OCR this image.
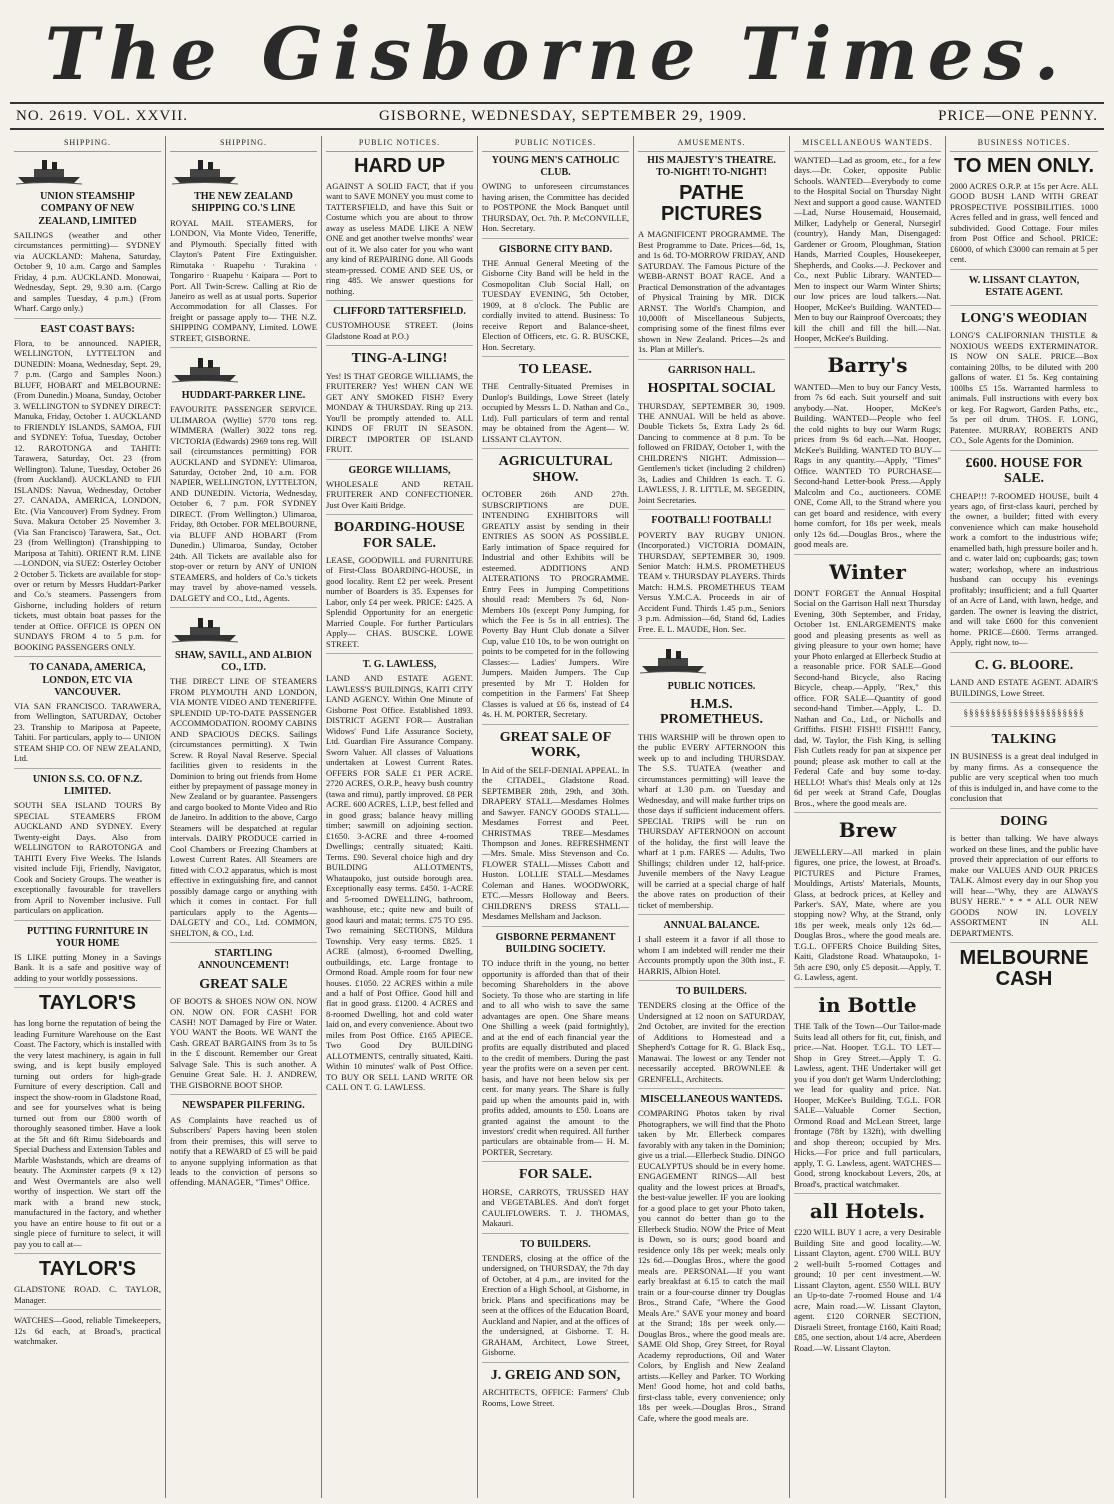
The Gisborne Times.
NO. 2619. VOL. XXVII.	GISBORNE, WEDNESDAY, SEPTEMBER 29, 1909.	PRICE—ONE PENNY.
SHIPPING.
UNION STEAMSHIP COMPANY OF NEW ZEALAND, LIMITED
SAILINGS (weather and other circumstances permitting)— SYDNEY via AUCKLAND: Mahena, Saturday, October 9, 10 a.m. Cargo and Samples Friday, 4 p.m. AUCKLAND. Monowai, Wednesday, Sept. 29, 9.30 a.m. (Cargo and samples Tuesday, 4 p.m.) (From Wharf. Cargo only.)
EAST COAST BAYS:
Flora, to be announced. NAPIER, WELLINGTON, LYTTELTON and DUNEDIN: Moana, Wednesday, Sept. 29, 7 p.m. (Cargo and Samples Noon.) BLUFF, HOBART and MELBOURNE: (From Dunedin.) Moana, Sunday, October 3. WELLINGTON to SYDNEY DIRECT: Manuka, Friday, October 1. AUCKLAND to FRIENDLY ISLANDS, SAMOA, FIJI and SYDNEY: Tofua, Tuesday, October 12. RAROTONGA and TAHITI: Tarawera, Saturday, Oct. 23 (from Wellington). Talune, Tuesday, October 26 (from Auckland). AUCKLAND to FIJI ISLANDS: Navua, Wednesday, October 27. CANADA, AMERICA, LONDON, Etc. (Via Vancouver) From Sydney. From Suva. Makura October 25 November 3. (Via San Francisco) Tarawera, Sat., Oct. 23 (from Wellington) (Transhipping to Mariposa at Tahiti). ORIENT R.M. LINE—LONDON, via SUEZ: Osterley October 2 October 5. Tickets are available for stop-over or return by Messrs Huddart-Parker and Co.'s steamers. Passengers from Gisborne, including holders of return tickets, must obtain boat passes for the tender at Office. OFFICE IS OPEN ON SUNDAYS FROM 4 to 5 p.m. for BOOKING PASSENGERS ONLY.
TO CANADA, AMERICA, LONDON, ETC VIA VANCOUVER.
VIA SAN FRANCISCO. TARAWERA, from Wellington, SATURDAY, October 23. Tranship to Mariposa at Papeete, Tahiti. For particulars, apply to— UNION STEAM SHIP CO. OF NEW ZEALAND, Ltd.
UNION S.S. CO. OF N.Z. LIMITED.
SOUTH SEA ISLAND TOURS By SPECIAL STEAMERS FROM AUCKLAND AND SYDNEY. Every Twenty-eight Days. Also from WELLINGTON to RAROTONGA and TAHITI Every Five Weeks. The Islands visited include Fiji, Friendly, Navigator, Cook and Society Groups. The weather is exceptionally favourable for travellers from April to November inclusive. Full particulars on application.
PUTTING FURNITURE IN YOUR HOME
IS LIKE putting Money in a Savings Bank. It is a safe and positive way of adding to your worldly possessions.
TAYLOR'S
has long borne the reputation of being the leading Furniture Warehouse on the East Coast. The Factory, which is installed with the very latest machinery, is again in full swing, and is kept busily employed turning out orders for high-grade Furniture of every description. Call and inspect the show-room in Gladstone Road, and see for yourselves what is being turned out from our £800 worth of thoroughly seasoned timber. Have a look at the 5ft and 6ft Rimu Sideboards and Special Duchess and Extension Tables and Marble Washstands, which are dreams of beauty. The Axminster carpets (9 x 12) and West Overmantels are also well worthy of inspection. We start off the mark with a brand new stock, manufactured in the factory, and whether you have an entire house to fit out or a single piece of furniture to select, it will pay you to call at—
TAYLOR'S
GLADSTONE ROAD. C. TAYLOR, Manager.
WATCHES—Good, reliable Timekeepers, 12s 6d each, at Broad's, practical watchmaker.
SHIPPING.
THE NEW ZEALAND SHIPPING CO.'S LINE
ROYAL MAIL STEAMERS, for LONDON, Via Monte Video, Teneriffe, and Plymouth. Specially fitted with Clayton's Patent Fire Extinguisher. Rimutaka · Ruapehu · Turakina · Tongariro · Ruapehu · Kaipara — Port to Port. All Twin-Screw. Calling at Rio de Janeiro as well as at usual ports. Superior Accommodation for all Classes. For freight or passage apply to— THE N.Z. SHIPPING COMPANY, Limited. LOWE STREET, GISBORNE.
HUDDART-PARKER LINE.
FAVOURITE PASSENGER SERVICE. ULIMAROA (Wyllie) 5770 tons reg. WIMMERA (Waller) 3022 tons reg. VICTORIA (Edwards) 2969 tons reg. Will sail (circumstances permitting) FOR AUCKLAND and SYDNEY: Ulimaroa, Saturday, October 2nd, 10 a.m. FOR NAPIER, WELLINGTON, LYTTELTON, AND DUNEDIN. Victoria, Wednesday, October 6, 7 p.m. FOR SYDNEY DIRECT. (From Wellington.) Ulimaroa, Friday, 8th October. FOR MELBOURNE, via BLUFF AND HOBART (From Dunedin.) Ulimaroa, Sunday, October 24th. All Tickets are available also for stop-over or return by ANY of UNION STEAMERS, and holders of Co.'s tickets may travel by above-named vessels. DALGETY and CO., Ltd., Agents.
SHAW, SAVILL, AND ALBION CO., LTD.
THE DIRECT LINE OF STEAMERS FROM PLYMOUTH AND LONDON, VIA MONTE VIDEO AND TENERIFFE. SPLENDID UP-TO-DATE PASSENGER ACCOMMODATION. ROOMY CABINS AND SPACIOUS DECKS. Sailings (circumstances permitting). X Twin Screw. R Royal Naval Reserve. Special facilities given to residents in the Dominion to bring out friends from Home either by prepayment of passage money in New Zealand or by guarantee. Passengers and cargo booked to Monte Video and Rio de Janeiro. In addition to the above, Cargo Steamers will be despatched at regular intervals. DAIRY PRODUCE carried in Cool Chambers or Freezing Chambers at Lowest Current Rates. All Steamers are fitted with C.O.2 apparatus, which is most effective in extinguishing fire, and cannot possibly damage cargo or anything with which it comes in contact. For full particulars apply to the Agents— DALGETY and CO., Ltd. COMMON, SHELTON, & CO., Ltd.
STARTLING ANNOUNCEMENT!
GREAT SALE
OF BOOTS & SHOES NOW ON. NOW ON. NOW ON. FOR CASH! FOR CASH! NOT Damaged by Fire or Water. YOU WANT the Boots. WE WANT the Cash. GREAT BARGAINS from 3s to 5s in the £ discount. Remember our Great Salvage Sale. This is such another. A Genuine Great Sale. H. J. ANDREW, THE GISBORNE BOOT SHOP.
NEWSPAPER PILFERING.
AS Complaints have reached us of Subscribers' Papers having been stolen from their premises, this will serve to notify that a REWARD of £5 will be paid to anyone supplying information as that leads to the conviction of persons so offending. MANAGER, "Times" Office.
PUBLIC NOTICES.
HARD UP
AGAINST A SOLID FACT, that if you want to SAVE MONEY you must come to TATTERSFIELD, and have this Suit or Costume which you are about to throw away as useless MADE LIKE A NEW ONE and get another twelve months' wear out of it. We also cater for you who want any kind of REPAIRING done. All Goods steam-pressed. COME AND SEE US, or ring 485. We answer questions for nothing.
CLIFFORD TATTERSFIELD.
CUSTOMHOUSE STREET. (Joins Gladstone Road at P.O.)
TING-A-LING!
Yes! IS THAT GEORGE WILLIAMS, the FRUITERER? Yes! WHEN CAN WE GET ANY SMOKED FISH? Every MONDAY & THURSDAY. Ring up 213. You'll be promptly attended to. ALL KINDS OF FRUIT IN SEASON. DIRECT IMPORTER OF ISLAND FRUIT.
GEORGE WILLIAMS,
WHOLESALE AND RETAIL FRUITERER AND CONFECTIONER. Just Over Kaiti Bridge.
BOARDING-HOUSE FOR SALE.
LEASE, GOODWILL and FURNITURE of First-Class BOARDING-HOUSE, in good locality. Rent £2 per week. Present number of Boarders is 35. Expenses for Labor, only £4 per week. PRICE: £425. A Splendid Opportunity for an energetic Married Couple. For further Particulars Apply— CHAS. BUSCKE. LOWE STREET.
T. G. LAWLESS,
LAND AND ESTATE AGENT. LAWLESS'S BUILDINGS, KAITI CITY LAND AGENCY. Within One Minute of Gisborne Post Office. Established 1893. DISTRICT AGENT FOR— Australian Widows' Fund Life Assurance Society, Ltd. Guardian Fire Assurance Company. Sworn Valuer. All classes of Valuations undertaken at Lowest Current Rates. OFFERS FOR SALE £1 PER ACRE. 2720 ACRES, O.R.P., heavy bush country (tawa and rimu), partly improved. £8 PER ACRE. 600 ACRES, L.I.P., best felled and in good grass; balance heavy milling timber; sawmill on adjoining section. £1650. 3-ACRE and three 4-roomed Dwellings; centrally situated; Kaiti. Terms. £90. Several choice high and dry BUILDING ALLOTMENTS, Whataupoko, just outside borough area. Exceptionally easy terms. £450. 1-ACRE and 5-roomed DWELLING, bathroom, washhouse, etc.; quite new and built of good kauri and matai; terms. £75 TO £95. Two remaining SECTIONS, Mildura Township. Very easy terms. £825. 1 ACRE (almost), 6-roomed Dwelling, outbuildings, etc. Large frontage to Ormond Road. Ample room for four new houses. £1050. 22 ACRES within a mile and a half of Post Office. Good hill and flat in good grass. £1200. 4 ACRES and 8-roomed Dwelling, hot and cold water laid on, and every convenience. About two miles from Post Office. £165 APIECE. Two Good Dry BUILDING ALLOTMENTS, centrally situated, Kaiti. Within 10 minutes' walk of Post Office. TO BUY OR SELL LAND WRITE OR CALL ON T. G. LAWLESS.
PUBLIC NOTICES.
YOUNG MEN'S CATHOLIC CLUB.
OWING to unforeseen circumstances having arisen, the Committee has decided to POSTPONE the Mock Banquet until THURSDAY, Oct. 7th. P. McCONVILLE, Hon. Secretary.
GISBORNE CITY BAND.
THE Annual General Meeting of the Gisborne City Band will be held in the Cosmopolitan Club Social Hall, on TUESDAY EVENING, 5th October, 1909, at 8 o'clock. The Public are cordially invited to attend. Business: To receive Report and Balance-sheet, Election of Officers, etc. G. R. BUSCKE, Hon. Secretary.
TO LEASE.
THE Centrally-Situated Premises in Dunlop's Buildings, Lowe Street (lately occupied by Messrs L. D. Nathan and Co., Ltd). Full particulars of term and rental may be obtained from the Agent— W. LISSANT CLAYTON.
AGRICULTURAL SHOW.
OCTOBER 26th AND 27th. SUBSCRIPTIONS are DUE. INTENDING EXHIBITORS will GREATLY assist by sending in their ENTRIES AS SOON AS POSSIBLE. Early intimation of Space required for Industrial and other Exhibits will be esteemed. ADDITIONS AND ALTERATIONS TO PROGRAMME. Entry Fees in Jumping Competitions should read: Members 7s 6d, Non-Members 10s (except Pony Jumping, for which the Fee is 5s in all entries). The Poverty Bay Hunt Club donate a Silver Cup, value £10 10s, to be won outright on points to be competed for in the following Classes:— Ladies' Jumpers. Wire Jumpers. Maiden Jumpers. The Cup presented by Mr T. Holden for competition in the Farmers' Fat Sheep Classes is valued at £6 6s, instead of £4 4s. H. M. PORTER, Secretary.
GREAT SALE OF WORK,
In Aid of the SELF-DENIAL APPEAL. In the CITADEL, Gladstone Road. SEPTEMBER 28th, 29th, and 30th. DRAPERY STALL—Mesdames Holmes and Sawyer. FANCY GOODS STALL—Mesdames Forrest and Peet. CHRISTMAS TREE—Mesdames Thompson and Jones. REFRESHMENT—Mrs. Smale. Miss Stevenson and Co. FLOWER STALL—Misses Cabott and Huston. LOLLIE STALL—Mesdames Coleman and Hanes. WOODWORK, ETC.—Messrs Holloway and Beers. CHILDREN'S DRESS STALL—Mesdames Mellsham and Jackson.
GISBORNE PERMANENT BUILDING SOCIETY.
TO induce thrift in the young, no better opportunity is afforded than that of their becoming Shareholders in the above Society. To those who are starting in life and to all who wish to save the same advantages are open. One Share means One Shilling a week (paid fortnightly), and at the end of each financial year the profits are equally distributed and placed to the credit of members. During the past year the profits were on a seven per cent. basis, and have not been below six per cent. for many years. The Share is fully paid up when the amounts paid in, with profits added, amounts to £50. Loans are granted against the amount to the investors' credit when required. All further particulars are obtainable from— H. M. PORTER, Secretary.
FOR SALE.
HORSE, CARROTS, TRUSSED HAY and VEGETABLES. And don't forget CAULIFLOWERS. T. J. THOMAS, Makauri.
TO BUILDERS.
TENDERS, closing at the office of the undersigned, on THURSDAY, the 7th day of October, at 4 p.m., are invited for the Erection of a High School, at Gisborne, in brick. Plans and specifications may be seen at the offices of the Education Board, Auckland and Napier, and at the offices of the undersigned, at Gisborne. T. H. GRAHAM, Architect, Lowe Street, Gisborne.
J. GREIG AND SON,
ARCHITECTS, OFFICE: Farmers' Club Rooms, Lowe Street.
AMUSEMENTS.
HIS MAJESTY'S THEATRE. TO-NIGHT! TO-NIGHT!
PATHE PICTURES
A MAGNIFICENT PROGRAMME. The Best Programme to Date. Prices—6d, 1s, and 1s 6d. TO-MORROW FRIDAY, AND SATURDAY. The Famous Picture of the WEBB-ARNST BOAT RACE. And a Practical Demonstration of the advantages of Physical Training by MR. DICK ARNST. The World's Champion, and 10,000ft of Miscellaneous Subjects, comprising some of the finest films ever shown in New Zealand. Prices—2s and 1s. Plan at Miller's.
GARRISON HALL.
HOSPITAL SOCIAL
THURSDAY, SEPTEMBER 30, 1909. THE ANNUAL Will be held as above. Double Tickets 5s, Extra Lady 2s 6d. Dancing to commence at 8 p.m. To be followed on FRIDAY, October 1, with the CHILDREN'S NIGHT. Admission—Gentlemen's ticket (including 2 children) 3s, Ladies and Children 1s each. T. G. LAWLESS, J. R. LITTLE, M. SEGEDIN, Joint Secretaries.
FOOTBALL! FOOTBALL!
POVERTY BAY RUGBY UNION. (Incorporated.) VICTORIA DOMAIN, THURSDAY, SEPTEMBER 30, 1909. Senior Match: H.M.S. PROMETHEUS TEAM v. THURSDAY PLAYERS. Thirds Match: H.M.S. PROMETHEUS TEAM Versus Y.M.C.A. Proceeds in air of Accident Fund. Thirds 1.45 p.m., Seniors 3 p.m. Admission—6d, Stand 6d, Ladies Free. E. L. MAUDE, Hon. Sec.
PUBLIC NOTICES.
H.M.S. PROMETHEUS.
THIS WARSHIP will be thrown open to the public EVERY AFTERNOON this week up to and including THURSDAY. The S.S. TUATEA (weather and circumstances permitting) will leave the wharf at 1.30 p.m. on Tuesday and Wednesday, and will make further trips on those days if sufficient inducement offers. SPECIAL TRIPS will be run on THURSDAY AFTERNOON on account of the holiday, the first will leave the wharf at 1 p.m. FARES — Adults, Two Shillings; children under 12, half-price. Juvenile members of the Navy League will be carried at a special charge of half the above rates on production of their ticket of membership.
ANNUAL BALANCE.
I shall esteem it a favor if all those to whom I am indebted will render me their Accounts promptly upon the 30th inst., F. HARRIS, Albion Hotel.
TO BUILDERS.
TENDERS closing at the Office of the Undersigned at 12 noon on SATURDAY, 2nd October, are invited for the erection of Additions to Homestead and a Shepherd's Cottage for R. G. Black Esq., Manawai. The lowest or any Tender not necessarily accepted. BROWNLEE & GRENFELL, Architects.
MISCELLANEOUS WANTEDS.
COMPARING Photos taken by rival Photographers, we will find that the Photo taken by Mr. Ellerbeck compares favorably with any taken in the Dominion; give us a trial.—Ellerbeck Studio. DINGO EUCALYPTUS should be in every home. ENGAGEMENT RINGS—All best quality and the lowest prices at Broad's, the best-value jeweller. IF you are looking for a good place to get your Photo taken, you cannot do better than go to the Ellerbeck Studio. NOW the Price of Meat is Down, so is ours; good board and residence only 18s per week; meals only 12s 6d.—Douglas Bros., where the good meals are. PERSONAL—If you want early breakfast at 6.15 to catch the mail train or a four-course dinner try Douglas Bros., Strand Cafe, "Where the Good Meals Are." SAVE your money and board at the Strand; 18s per week only.—Douglas Bros., where the good meals are. SAME Old Shop, Grey Street, for Royal Academy reproductions, Oil and Water Colors, by English and New Zealand artists.—Kelley and Parker. TO Working Men! Good home, hot and cold baths, first-class table, every convenience; only 18s per week.—Douglas Bros., Strand Cafe, where the good meals are.
MISCELLANEOUS WANTEDS.
WANTED—Lad as groom, etc., for a few days.—Dr. Coker, opposite Public Schools. WANTED—Everybody to come to the Hospital Social on Thursday Night Next and support a good cause. WANTED—Lad, Nurse Housemaid, Housemaid, Milker, Ladyhelp or General, Nursegirl (country), Handy Man, Disengaged: Gardener or Groom, Ploughman, Station Hands, Married Couples, Housekeeper, Shepherds, and Cooks.—J. Peckover and Co., next Public Library. WANTED—Men to inspect our Warm Winter Shirts; our low prices are loud talkers.—Nat. Hooper, McKee's Building. WANTED—Men to buy our Rainproof Overcoats; they kill the chill and fill the bill.—Nat. Hooper, McKee's Building.
Barry's
WANTED—Men to buy our Fancy Vests, from 7s 6d each. Suit yourself and suit anybody.—Nat. Hooper, McKee's Building. WANTED—People who feel the cold nights to buy our Warm Rugs; prices from 9s 6d each.—Nat. Hooper, McKee's Building. WANTED TO BUY—Rags in any quantity.—Apply, "Times" Office. WANTED TO PURCHASE—Second-hand Letter-book Press.—Apply Malcolm and Co., auctioneers. COME ONE, Come All, to the Strand where you can get board and residence, with every home comfort, for 18s per week, meals only 12s 6d.—Douglas Bros., where the good meals are.
Winter
DON'T FORGET the Annual Hospital Social on the Garrison Hall next Thursday Evening, 30th September, and Friday, October 1st. ENLARGEMENTS make good and pleasing presents as well as giving pleasure to your own home; have your Photo enlarged at Ellerbeck Studio at a reasonable price. FOR SALE—Good Second-hand Bicycle, also Racing Bicycle, cheap.—Apply, "Rex," this office. FOR SALE—Quantity of good second-hand Timber.—Apply, L. D. Nathan and Co., Ltd., or Nicholls and Griffiths. FISH! FISH!! FISH!!! Fancy, dad, W. Taylor, the Fish King, is selling Fish Cutlets ready for pan at sixpence per pound; please ask mother to call at the Federal Cafe and buy some to-day. HELLO! What's this! Meals only at 12s 6d per week at Strand Cafe, Douglas Bros., where the good meals are.
Brew
JEWELLERY—All marked in plain figures, one price, the lowest, at Broad's. PICTURES and Picture Frames, Mouldings, Artists' Materials, Mounts, Glass, at bedrock prices, at Kelley and Parker's. SAY, Mate, where are you stopping now? Why, at the Strand, only 18s per week, meals only 12s 6d.—Douglas Bros., where the good meals are. T.G.L. OFFERS Choice Building Sites, Kaiti, Gladstone Road. Whataupoko, 1-5th acre £90, only £5 deposit.—Apply, T. G. Lawless, agent.
in Bottle
THE Talk of the Town—Our Tailor-made Suits lead all others for fit, cut, finish, and price.—Nat. Hooper. T.G.L. TO LET—Shop in Grey Street.—Apply T. G. Lawless, agent. THE Undertaker will get you if you don't get Warm Underclothing; we lead for quality and price. Nat. Hooper, McKee's Building. T.G.L. FOR SALE—Valuable Corner Section, Ormond Road and McLean Street, large frontage (78ft by 132ft), with dwelling and shop thereon; occupied by Mrs. Hicks.—For price and full particulars, apply, T. G. Lawless, agent. WATCHES—Good, strong knockabout Levers, 20s, at Broad's, practical watchmaker.
all Hotels.
£220 WILL BUY 1 acre, a very Desirable Building Site and good locality.—W. Lissant Clayton, agent. £700 WILL BUY 2 well-built 5-roomed Cottages and ground; 10 per cent investment.—W. Lissant Clayton, agent. £550 WILL BUY an Up-to-date 7-roomed House and 1/4 acre, Main road.—W. Lissant Clayton, agent. £120 CORNER SECTION, Disraeli Street, frontage £160, Kaiti Road; £85, one section, about 1/4 acre, Aberdeen Road.—W. Lissant Clayton.
BUSINESS NOTICES.
TO MEN ONLY.
2000 ACRES O.R.P. at 15s per Acre. ALL GOOD BUSH LAND WITH GREAT PROSPECTIVE POSSIBILITIES. 1000 Acres felled and in grass, well fenced and subdivided. Good Cottage. Four miles from Post Office and School. PRICE: £6000, of which £3000 can remain at 5 per cent.
W. LISSANT CLAYTON, ESTATE AGENT.
LONG'S WEODIAN
LONG'S CALIFORNIAN THISTLE & NOXIOUS WEEDS EXTERMINATOR. IS NOW ON SALE. PRICE—Box containing 20lbs, to be diluted with 200 gallons of water. £1 5s. Keg containing 100lbs £5 15s. Warranted harmless to animals. Full instructions with every box or keg. For Ragwort, Garden Paths, etc., 5s per oil drum. THOS. F. LONG, Patentee. MURRAY, ROBERTS AND CO., Sole Agents for the Dominion.
£600. HOUSE FOR SALE.
CHEAP!!! 7-ROOMED HOUSE, built 4 years ago, of first-class kauri, perched by the owner, a builder; fitted with every convenience which can make household work a comfort to the industrious wife; enamelled bath, high pressure boiler and h. and c. water laid on; cupboards; gas; town water; workshop, where an industrious husband can occupy his evenings profitably; insufficient; and a full Quarter of an Acre of Land, with lawn, hedge, and garden. The owner is leaving the district, and will take £600 for this convenient home. PRICE—£600. Terms arranged. Apply, right now, to—
C. G. BLOORE.
LAND AND ESTATE AGENT. ADAIR'S BUILDINGS, Lowe Street.
§§§§§§§§§§§§§§§§§§§§§§
TALKING
IN BUSINESS is a great deal indulged in by many firms. As a consequence the public are very sceptical when too much of this is indulged in, and have come to the conclusion that
DOING
is better than talking. We have always worked on these lines, and the public have proved their appreciation of our efforts to make our VALUES AND OUR PRICES TALK. Almost every day in our Shop you will hear—"Why, they are ALWAYS BUSY HERE." * * * ALL OUR NEW GOODS NOW IN. LOVELY ASSORTMENT IN ALL DEPARTMENTS.
MELBOURNE CASH
